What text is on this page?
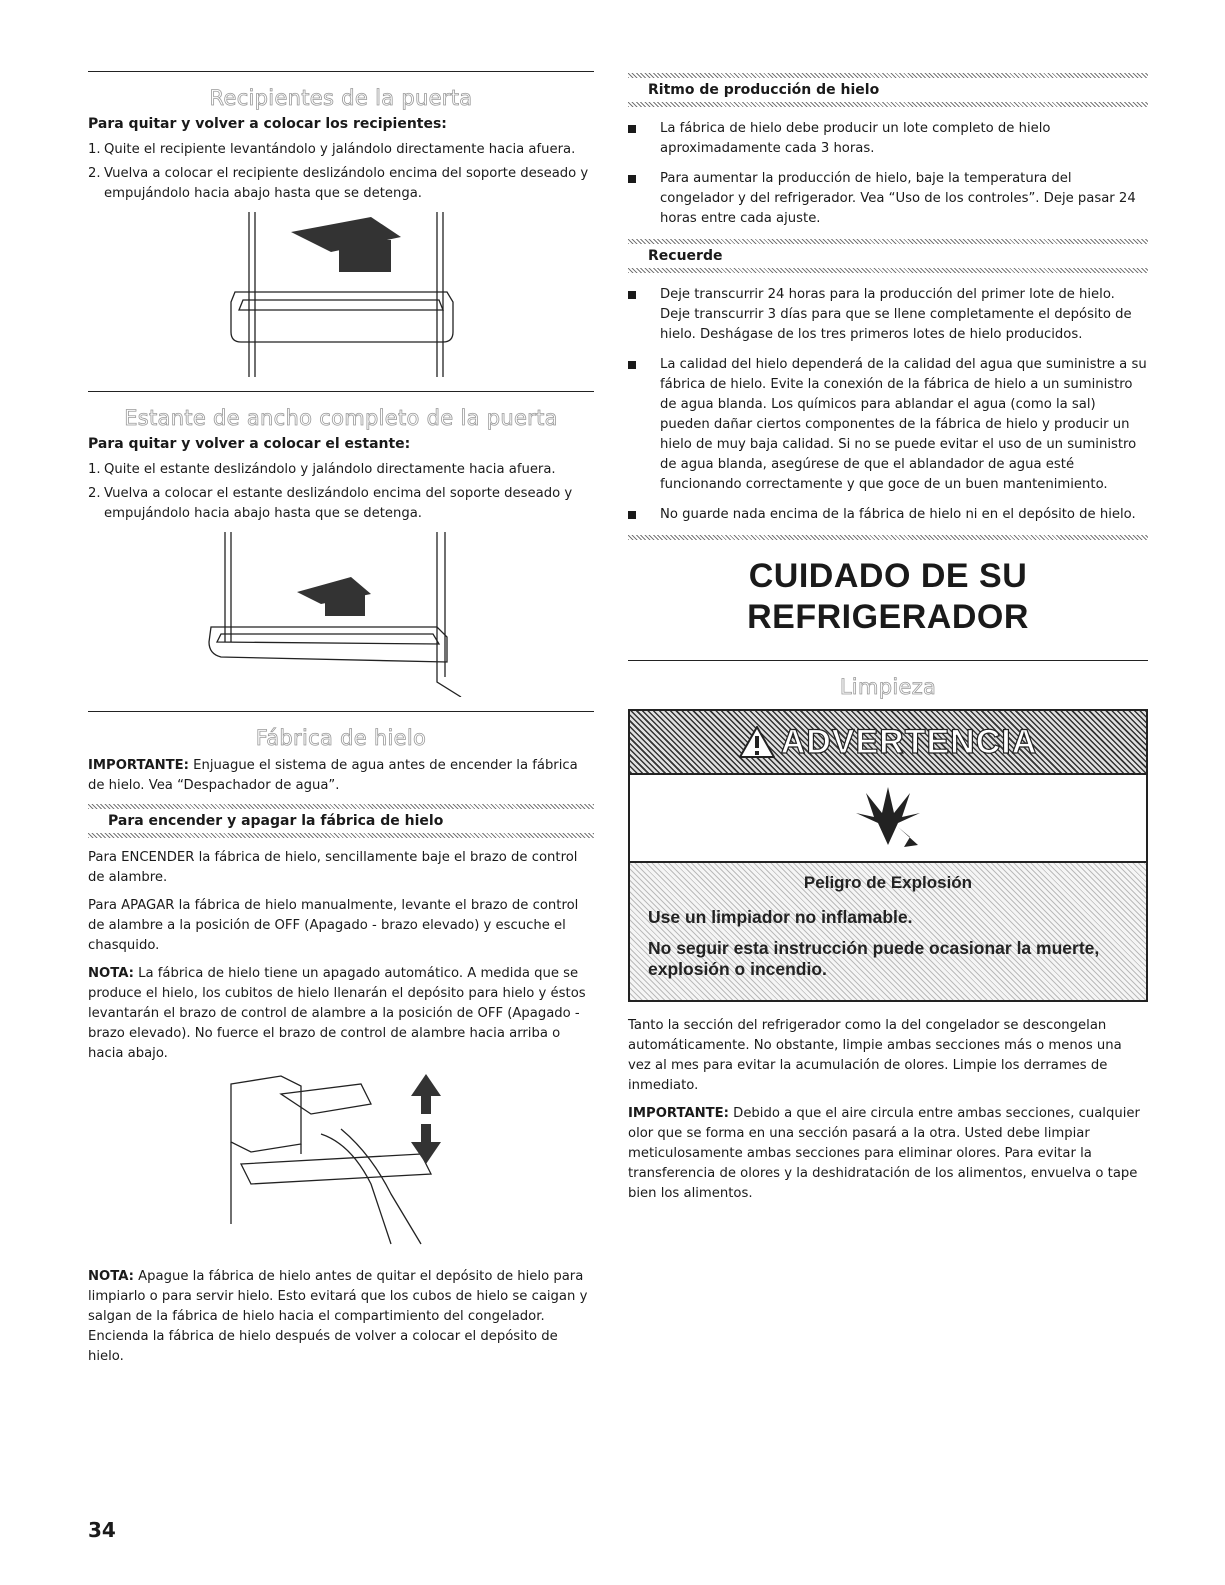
Recipientes de la puerta
Para quitar y volver a colocar los recipientes:
1. Quite el recipiente levantándolo y jalándolo directamente hacia afuera.
2. Vuelva a colocar el recipiente deslizándolo encima del soporte deseado y empujándolo hacia abajo hasta que se detenga.
Estante de ancho completo de la puerta
Para quitar y volver a colocar el estante:
1. Quite el estante deslizándolo y jalándolo directamente hacia afuera.
2. Vuelva a colocar el estante deslizándolo encima del soporte deseado y empujándolo hacia abajo hasta que se detenga.
Fábrica de hielo

IMPORTANTE: Enjuague el sistema de agua antes de encender la fábrica de hielo. Vea “Despachador de agua”.

Para encender y apagar la fábrica de hielo

Para ENCENDER la fábrica de hielo, sencillamente baje el brazo de control de alambre.

Para APAGAR la fábrica de hielo manualmente, levante el brazo de control de alambre a la posición de OFF (Apagado - brazo elevado) y escuche el chasquido.

NOTA: La fábrica de hielo tiene un apagado automático. A medida que se produce el hielo, los cubitos de hielo llenarán el depósito para hielo y éstos levantarán el brazo de control de alambre a la posición de OFF (Apagado - brazo elevado). No fuerce el brazo de control de alambre hacia arriba o hacia abajo.

NOTA: Apague la fábrica de hielo antes de quitar el depósito de hielo para limpiarlo o para servir hielo. Esto evitará que los cubos de hielo se caigan y salgan de la fábrica de hielo hacia el compartimiento del congelador. Encienda la fábrica de hielo después de volver a colocar el depósito de hielo.

Ritmo de producción de hielo
La fábrica de hielo debe producir un lote completo de hielo aproximadamente cada 3 horas.
Para aumentar la producción de hielo, baje la temperatura del congelador y del refrigerador. Vea “Uso de los controles”. Deje pasar 24 horas entre cada ajuste.
Recuerde
Deje transcurrir 24 horas para la producción del primer lote de hielo. Deje transcurrir 3 días para que se llene completamente el depósito de hielo. Deshágase de los tres primeros lotes de hielo producidos.
La calidad del hielo dependerá de la calidad del agua que suministre a su fábrica de hielo. Evite la conexión de la fábrica de hielo a un suministro de agua blanda. Los químicos para ablandar el agua (como la sal) pueden dañar ciertos componentes de la fábrica de hielo y producir un hielo de muy baja calidad. Si no se puede evitar el uso de un suministro de agua blanda, asegúrese de que el ablandador de agua esté funcionando correctamente y que goce de un buen mantenimiento.
No guarde nada encima de la fábrica de hielo ni en el depósito de hielo.
CUIDADO DE SU
REFRIGERADOR
Limpieza
ADVERTENCIA
Peligro de Explosión
Use un limpiador no inflamable.
No seguir esta instrucción puede ocasionar la muerte, explosión o incendio.

Tanto la sección del refrigerador como la del congelador se descongelan automáticamente. No obstante, limpie ambas secciones más o menos una vez al mes para evitar la acumulación de olores. Limpie los derrames de inmediato.

IMPORTANTE: Debido a que el aire circula entre ambas secciones, cualquier olor que se forma en una sección pasará a la otra. Usted debe limpiar meticulosamente ambas secciones para eliminar olores. Para evitar la transferencia de olores y la deshidratación de los alimentos, envuelva o tape bien los alimentos.

34
